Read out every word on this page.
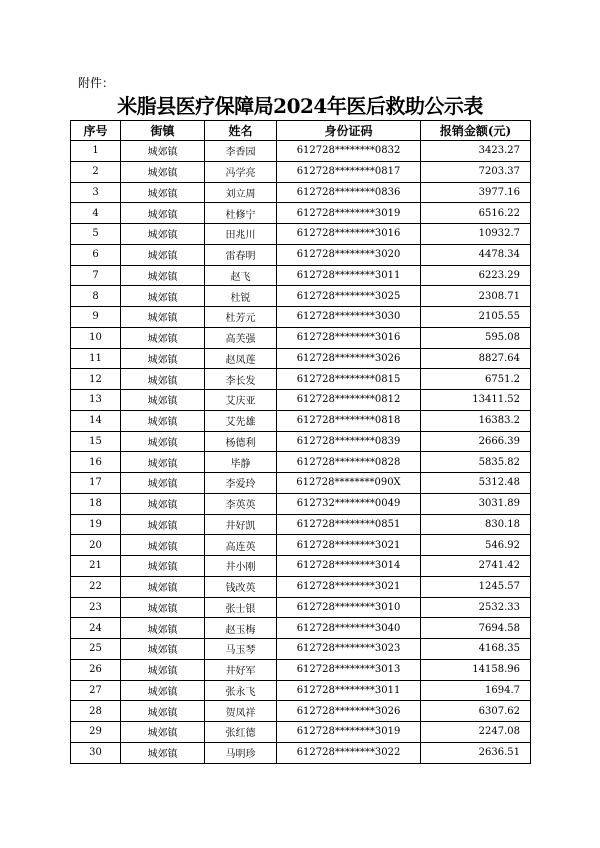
附件：
米脂县医疗保障局2024年医后救助公示表
序号	街镇	姓名	身份证码	报销金额(元)
1	城郊镇	李香园	612728********0832	3423.27
2	城郊镇	冯学亮	612728********0817	7203.37
3	城郊镇	刘立周	612728********0836	3977.16
4	城郊镇	杜修宁	612728********3019	6516.22
5	城郊镇	田兆川	612728********3016	10932.7
6	城郊镇	雷春明	612728********3020	4478.34
7	城郊镇	赵飞	612728********3011	6223.29
8	城郊镇	杜锐	612728********3025	2308.71
9	城郊镇	杜芳元	612728********3030	2105.55
10	城郊镇	高芙强	612728********3016	595.08
11	城郊镇	赵凤莲	612728********3026	8827.64
12	城郊镇	李长发	612728********0815	6751.2
13	城郊镇	艾庆亚	612728********0812	13411.52
14	城郊镇	艾先雄	612728********0818	16383.2
15	城郊镇	杨德利	612728********0839	2666.39
16	城郊镇	毕静	612728********0828	5835.82
17	城郊镇	李爱玲	612728********090X	5312.48
18	城郊镇	李英英	612732********0049	3031.89
19	城郊镇	井好凯	612728********0851	830.18
20	城郊镇	高连英	612728********3021	546.92
21	城郊镇	井小刚	612728********3014	2741.42
22	城郊镇	钱改英	612728********3021	1245.57
23	城郊镇	张士银	612728********3010	2532.33
24	城郊镇	赵玉梅	612728********3040	7694.58
25	城郊镇	马玉琴	612728********3023	4168.35
26	城郊镇	井好军	612728********3013	14158.96
27	城郊镇	张永飞	612728********3011	1694.7
28	城郊镇	贺凤祥	612728********3026	6307.62
29	城郊镇	张红德	612728********3019	2247.08
30	城郊镇	马明珍	612728********3022	2636.51
